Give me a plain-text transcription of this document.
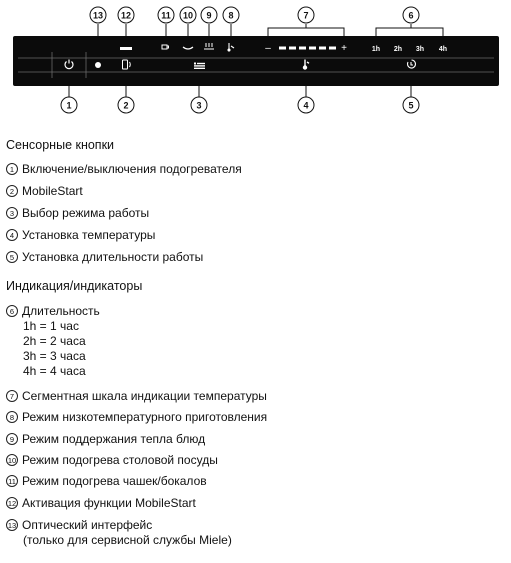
–	+	1h 2h 3h 4h
13 12	11 10 9 8	7	6
1	2	3	4	5
Сенсорные кнопки
1 Включение/выключения подогревателя
2 MobileStart
3 Выбор режима работы
4 Установка температуры
5 Установка длительности работы
Индикация/индикаторы
6 Длительность
1h = 1 час
2h = 2 часа
3h = 3 часа
4h = 4 часа
7 Сегментная шкала индикации температуры
8 Режим низкотемпературного приготовления
9 Режим поддержания тепла блюд
10 Режим подогрева столовой посуды
11 Режим подогрева чашек/бокалов
12 Активация функции MobileStart
13 Оптический интерфейс
(только для сервисной службы Miele)
